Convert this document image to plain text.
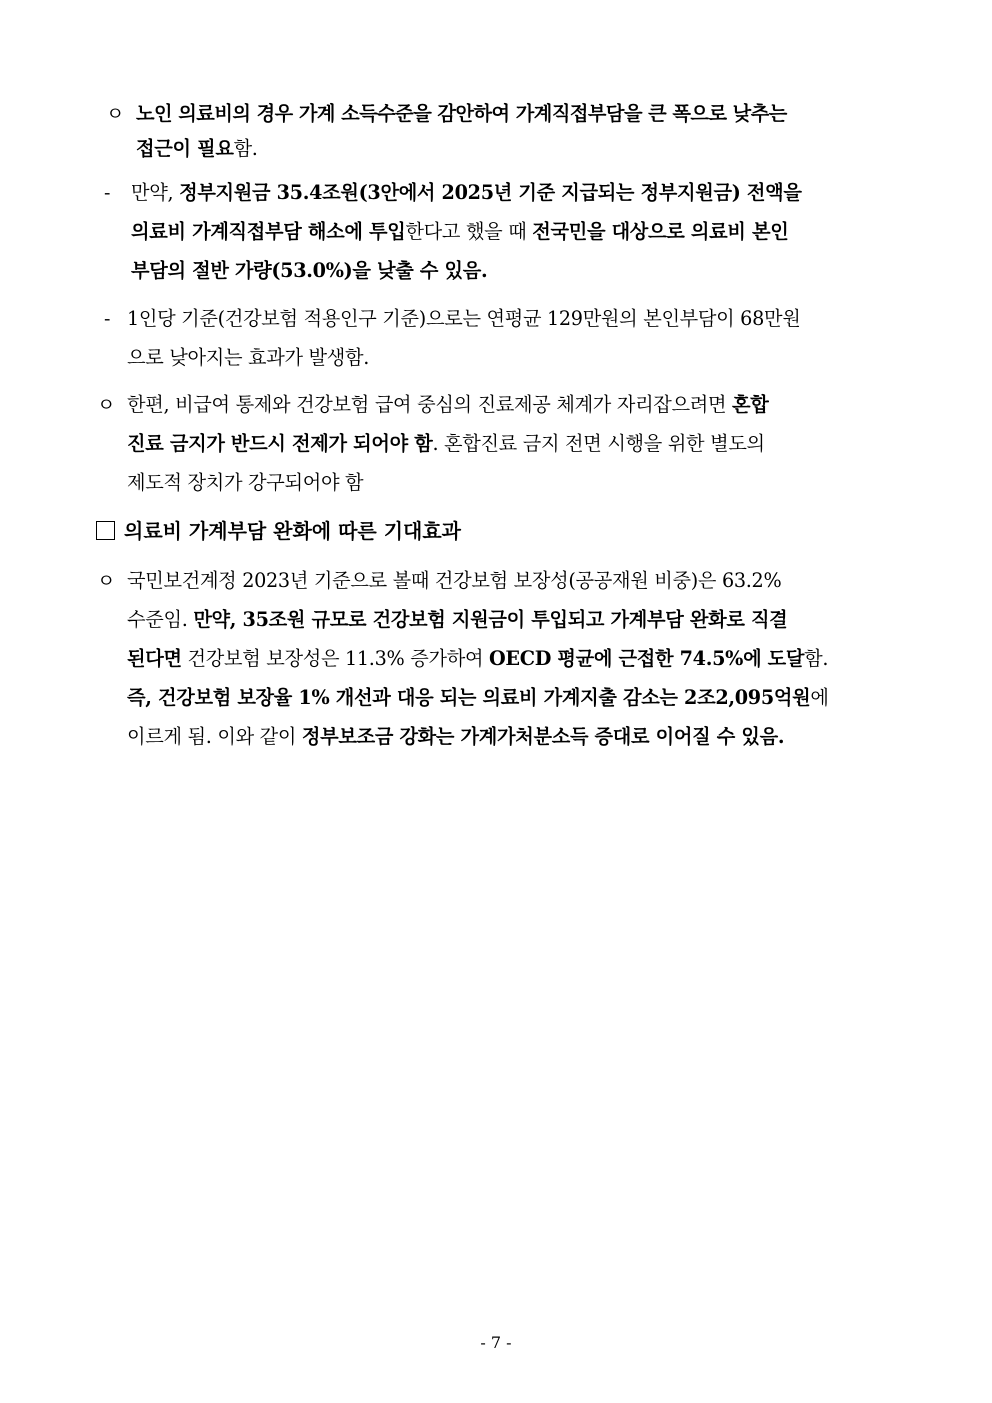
ㅇ 노인 의료비의 경우 가계 소득수준을 감안하여 가계직접부담을 큰 폭으로 낮추는
접근이 필요함.
- 만약, 정부지원금 35.4조원(3안에서 2025년 기준 지급되는 정부지원금) 전액을
의료비 가계직접부담 해소에 투입한다고 했을 때 전국민을 대상으로 의료비 본인
부담의 절반 가량(53.0%)을 낮출 수 있음.
- 1인당 기준(건강보험 적용인구 기준)으로는 연평균 129만원의 본인부담이 68만원
으로 낮아지는 효과가 발생함.
ㅇ 한편, 비급여 통제와 건강보험 급여 중심의 진료제공 체계가 자리잡으려면 혼합
진료 금지가 반드시 전제가 되어야 함. 혼합진료 금지 전면 시행을 위한 별도의
제도적 장치가 강구되어야 함
의료비 가계부담 완화에 따른 기대효과
ㅇ 국민보건계정 2023년 기준으로 볼때 건강보험 보장성(공공재원 비중)은 63.2%
수준임. 만약, 35조원 규모로 건강보험 지원금이 투입되고 가계부담 완화로 직결
된다면 건강보험 보장성은 11.3% 증가하여 OECD 평균에 근접한 74.5%에 도달함.
즉, 건강보험 보장율 1% 개선과 대응 되는 의료비 가계지출 감소는 2조2,095억원에
이르게 됨. 이와 같이 정부보조금 강화는 가계가처분소득 증대로 이어질 수 있음.
- 7 -
